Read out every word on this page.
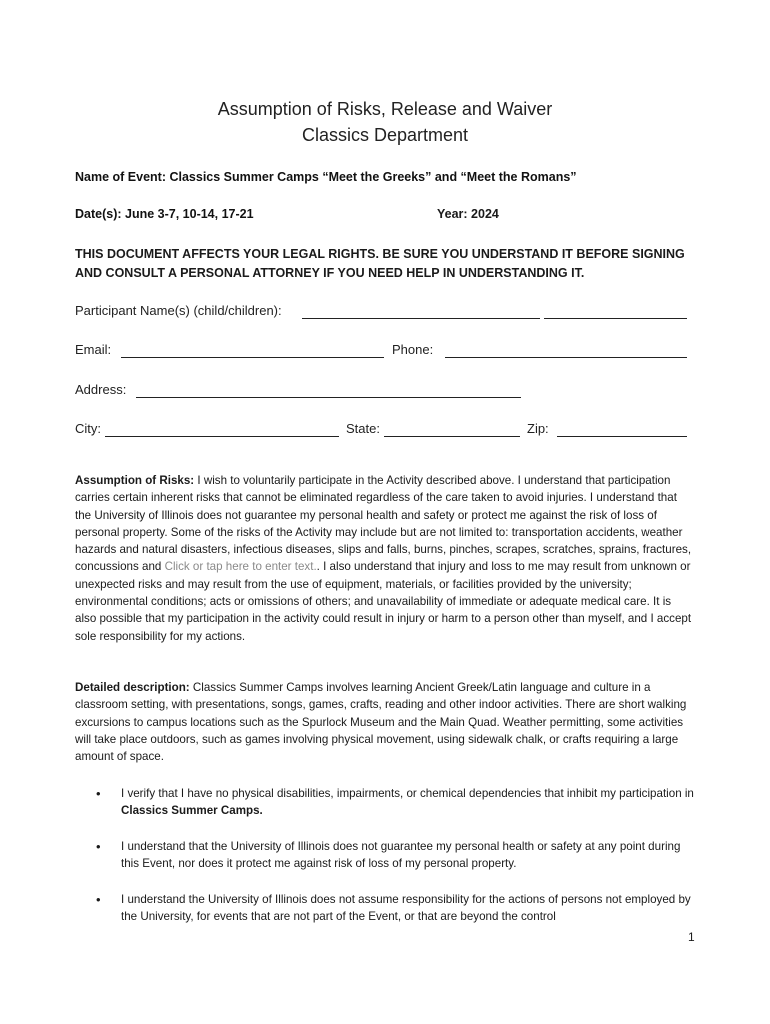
Assumption of Risks, Release and Waiver
Classics Department
Name of Event: Classics Summer Camps “Meet the Greeks” and “Meet the Romans”
Date(s): June 3-7, 10-14, 17-21	Year: 2024
THIS DOCUMENT AFFECTS YOUR LEGAL RIGHTS. BE SURE YOU UNDERSTAND IT BEFORE SIGNING AND CONSULT A PERSONAL ATTORNEY IF YOU NEED HELP IN UNDERSTANDING IT.
Participant Name(s) (child/children):
Email:	Phone:
Address:
City:	State:	Zip:
Assumption of Risks: I wish to voluntarily participate in the Activity described above. I understand that participation carries certain inherent risks that cannot be eliminated regardless of the care taken to avoid injuries. I understand that the University of Illinois does not guarantee my personal health and safety or protect me against the risk of loss of personal property. Some of the risks of the Activity may include but are not limited to: transportation accidents, weather hazards and natural disasters, infectious diseases, slips and falls, burns, pinches, scrapes, scratches, sprains, fractures, concussions and Click or tap here to enter text.. I also understand that injury and loss to me may result from unknown or unexpected risks and may result from the use of equipment, materials, or facilities provided by the university; environmental conditions; acts or omissions of others; and unavailability of immediate or adequate medical care. It is also possible that my participation in the activity could result in injury or harm to a person other than myself, and I accept sole responsibility for my actions.
Detailed description: Classics Summer Camps involves learning Ancient Greek/Latin language and culture in a classroom setting, with presentations, songs, games, crafts, reading and other indoor activities. There are short walking excursions to campus locations such as the Spurlock Museum and the Main Quad. Weather permitting, some activities will take place outdoors, such as games involving physical movement, using sidewalk chalk, or crafts requiring a large amount of space.
• I verify that I have no physical disabilities, impairments, or chemical dependencies that inhibit my participation in Classics Summer Camps.
• I understand that the University of Illinois does not guarantee my personal health or safety at any point during this Event, nor does it protect me against risk of loss of my personal property.
• I understand the University of Illinois does not assume responsibility for the actions of persons not employed by the University, for events that are not part of the Event, or that are beyond the control
1
